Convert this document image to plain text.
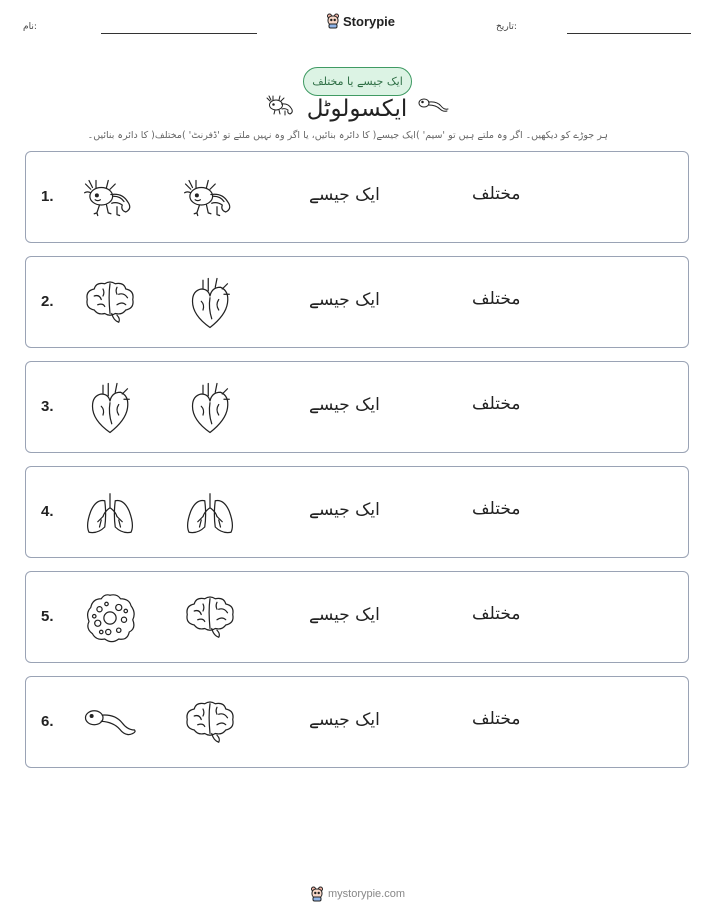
نام:	Storypie	تاریخ:
ایک جیسے یا مختلف
ایکسولوٹل
ہر جوڑے کو دیکھیں۔ اگر وہ ملتے ہیں تو 'سیم' )ایک جیسے( کا دائرہ بنائیں، یا اگر وہ نہیں ملتے تو 'ڈفرنٹ' )مختلف( کا دائرہ بنائیں۔
1.	ایک جیسے	مختلف
2.	ایک جیسے	مختلف
3.	ایک جیسے	مختلف
4.	ایک جیسے	مختلف
5.	ایک جیسے	مختلف
6.	ایک جیسے	مختلف
mystorypie.com
